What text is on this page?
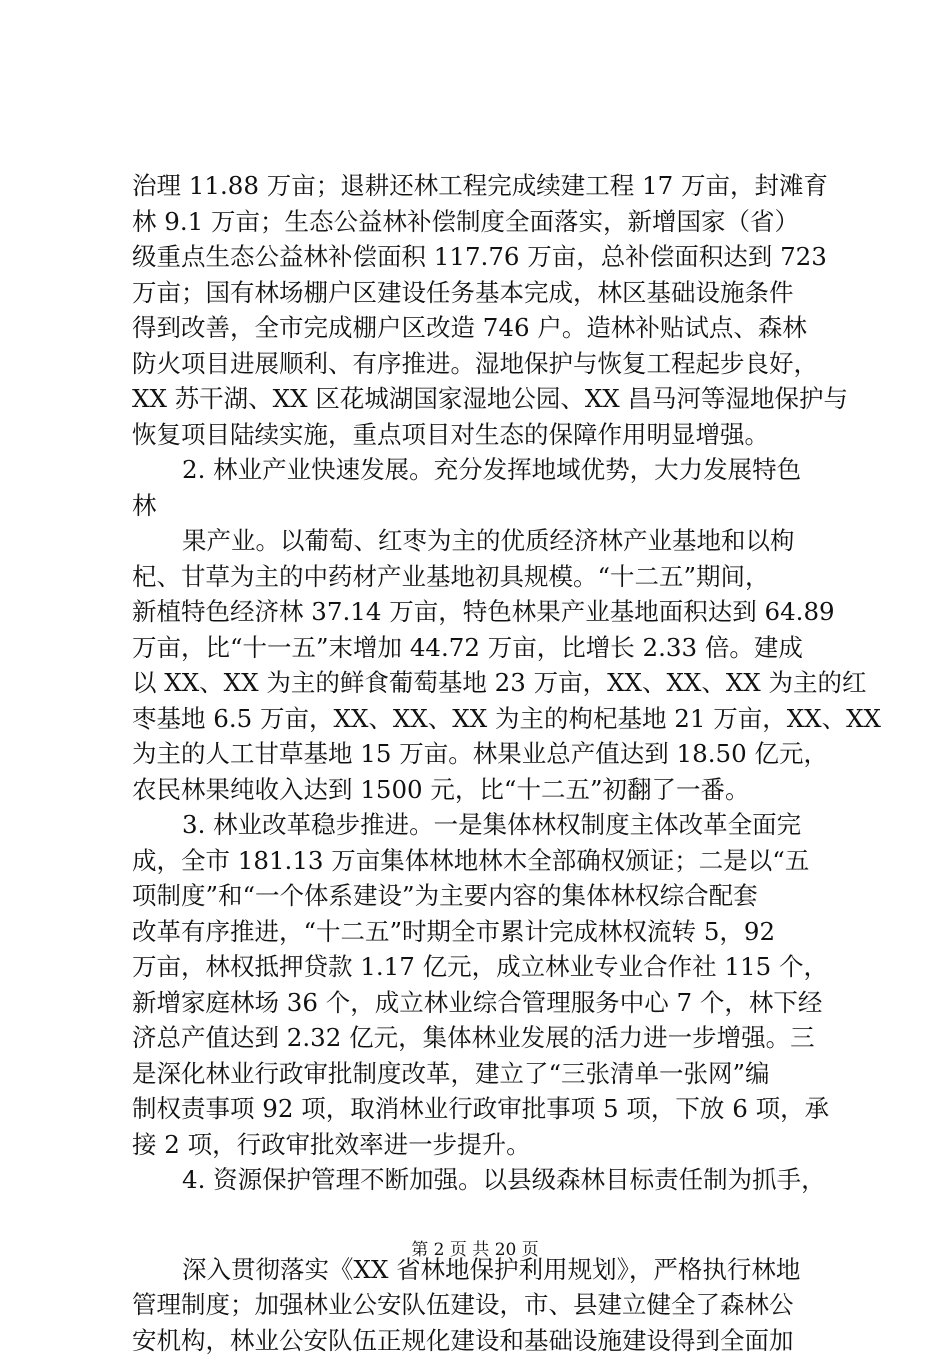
治理 11.88 万亩；退耕还林工程完成续建工程 17 万亩，封滩育
林 9.1 万亩；生态公益林补偿制度全面落实，新增国家（省）
级重点生态公益林补偿面积 117.76 万亩，总补偿面积达到 723
万亩；国有林场棚户区建设任务基本完成，林区基础设施条件
得到改善，全市完成棚户区改造 746 户。造林补贴试点、森林
防火项目进展顺利、有序推进。湿地保护与恢复工程起步良好，
XX 苏干湖、XX 区花城湖国家湿地公园、XX 昌马河等湿地保护与
恢复项目陆续实施，重点项目对生态的保障作用明显增强。
2. 林业产业快速发展。充分发挥地域优势，大力发展特色
林
果产业。以葡萄、红枣为主的优质经济林产业基地和以枸
杞、甘草为主的中药材产业基地初具规模。“十二五”期间，
新植特色经济林 37.14 万亩，特色林果产业基地面积达到 64.89
万亩，比“十一五”末增加 44.72 万亩，比增长 2.33 倍。建成
以 XX、XX 为主的鲜食葡萄基地 23 万亩，XX、XX、XX 为主的红
枣基地 6.5 万亩，XX、XX、XX 为主的枸杞基地 21 万亩，XX、XX
为主的人工甘草基地 15 万亩。林果业总产值达到 18.50 亿元，
农民林果纯收入达到 1500 元，比“十二五”初翻了一番。
3. 林业改革稳步推进。一是集体林权制度主体改革全面完
成，全市 181.13 万亩集体林地林木全部确权颁证；二是以“五
项制度”和“一个体系建设”为主要内容的集体林权综合配套
改革有序推进，“十二五”时期全市累计完成林权流转 5，92
万亩，林权抵押贷款 1.17 亿元，成立林业专业合作社 115 个，
新增家庭林场 36 个，成立林业综合管理服务中心 7 个，林下经
济总产值达到 2.32 亿元，集体林业发展的活力进一步增强。三
是深化林业行政审批制度改革，建立了“三张清单一张网”编
制权责事项 92 项，取消林业行政审批事项 5 项，下放 6 项，承
接 2 项，行政审批效率进一步提升。
4. 资源保护管理不断加强。以县级森林目标责任制为抓手，
深入贯彻落实《XX 省林地保护利用规划》，严格执行林地
管理制度；加强林业公安队伍建设，市、县建立健全了森林公
安机构，林业公安队伍正规化建设和基础设施建设得到全面加
第 2 页 共 20 页
